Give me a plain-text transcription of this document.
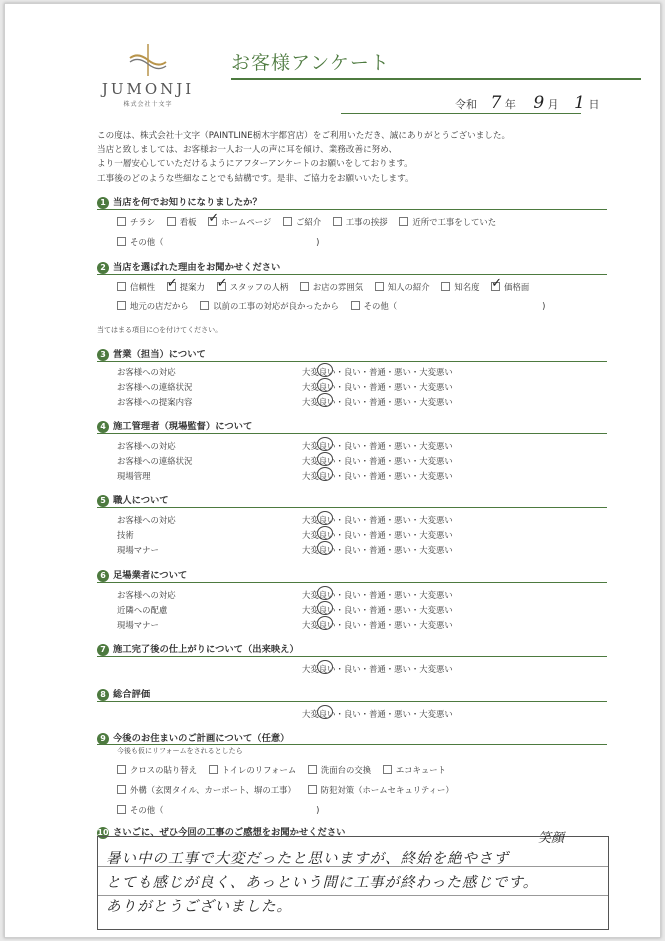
JUMONJI
株式会社十文字
お客様アンケート
令和 7 年 9 月 1 日
この度は、株式会社十文字（PAINTLINE栃木宇都宮店）をご利用いただき、誠にありがとうございました。
当店と致しましては、お客様お一人お一人の声に耳を傾け、業務改善に努め、
より一層安心していただけるようにアフターアンケートのお願いをしております。
工事後のどのような些細なことでも結構です。是非、ご協力をお願いいたします。
1 当店を何でお知りになりましたか？
チラシ	看板 ✓	ホームページ	ご紹介	工事の挨拶	近所で工事をしていた
その他（	)
2 当店を選ばれた理由をお聞かせください
信頼性 ✓	提案力 ✓	スタッフの人柄	お店の雰囲気	知人の紹介	知名度 ✓	価格面
地元の店だから	以前の工事の対応が良かったから	その他（	)
当てはまる項目に○を付けてください。
3 営業（担当）について
お客様への対応	大変良い・良い・普通・悪い・大変悪い
お客様への連絡状況	大変良い・良い・普通・悪い・大変悪い
お客様への提案内容	大変良い・良い・普通・悪い・大変悪い
4 施工管理者（現場監督）について
お客様への対応	大変良い・良い・普通・悪い・大変悪い
お客様への連絡状況	大変良い・良い・普通・悪い・大変悪い
現場管理	大変良い・良い・普通・悪い・大変悪い
5 職人について
お客様への対応	大変良い・良い・普通・悪い・大変悪い
技術	大変良い・良い・普通・悪い・大変悪い
現場マナー	大変良い・良い・普通・悪い・大変悪い
6 足場業者について
お客様への対応	大変良い・良い・普通・悪い・大変悪い
近隣への配慮	大変良い・良い・普通・悪い・大変悪い
現場マナー	大変良い・良い・普通・悪い・大変悪い
7 施工完了後の仕上がりについて（出来映え）
大変良い・良い・普通・悪い・大変悪い
8 総合評価
大変良い・良い・普通・悪い・大変悪い
9 今後のお住まいのご計画について（任意）
今後も仮にリフォームをされるとしたら
クロスの貼り替え	トイレのリフォーム	洗面台の交換	エコキュート
外構（玄関タイル、カーポート、塀の工事）	防犯対策（ホームセキュリティー）
その他（	)
10 さいごに、ぜひ今回の工事のご感想をお聞かせください	笑顔
暑い中の工事で大変だったと思いますが、終始を絶やさず
とても感じが良く、あっという間に工事が終わった感じです。
ありがとうございました。
